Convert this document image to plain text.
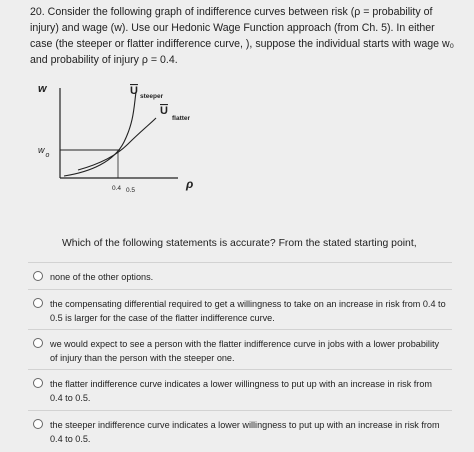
20. Consider the following graph of indifference curves between risk (ρ = probability of injury) and wage (w). Use our Hedonic Wage Function approach (from Ch. 5). In either case (the steeper or flatter indifference curve, ), suppose the individual starts with wage w₀ and probability of injury ρ = 0.4.
w
$w_o$
U steeper
U
flatter
0.4 0.5	ρ
Which of the following statements is accurate? From the stated starting point,
none of the other options.
the compensating differential required to get a willingness to take on an increase in risk from 0.4 to 0.5 is larger for the case of the flatter indifference curve.
we would expect to see a person with the flatter indifference curve in jobs with a lower probability of injury than the person with the steeper one.
the flatter indifference curve indicates a lower willingness to put up with an increase in risk from 0.4 to 0.5.
the steeper indifference curve indicates a lower willingness to put up with an increase in risk from 0.4 to 0.5.
